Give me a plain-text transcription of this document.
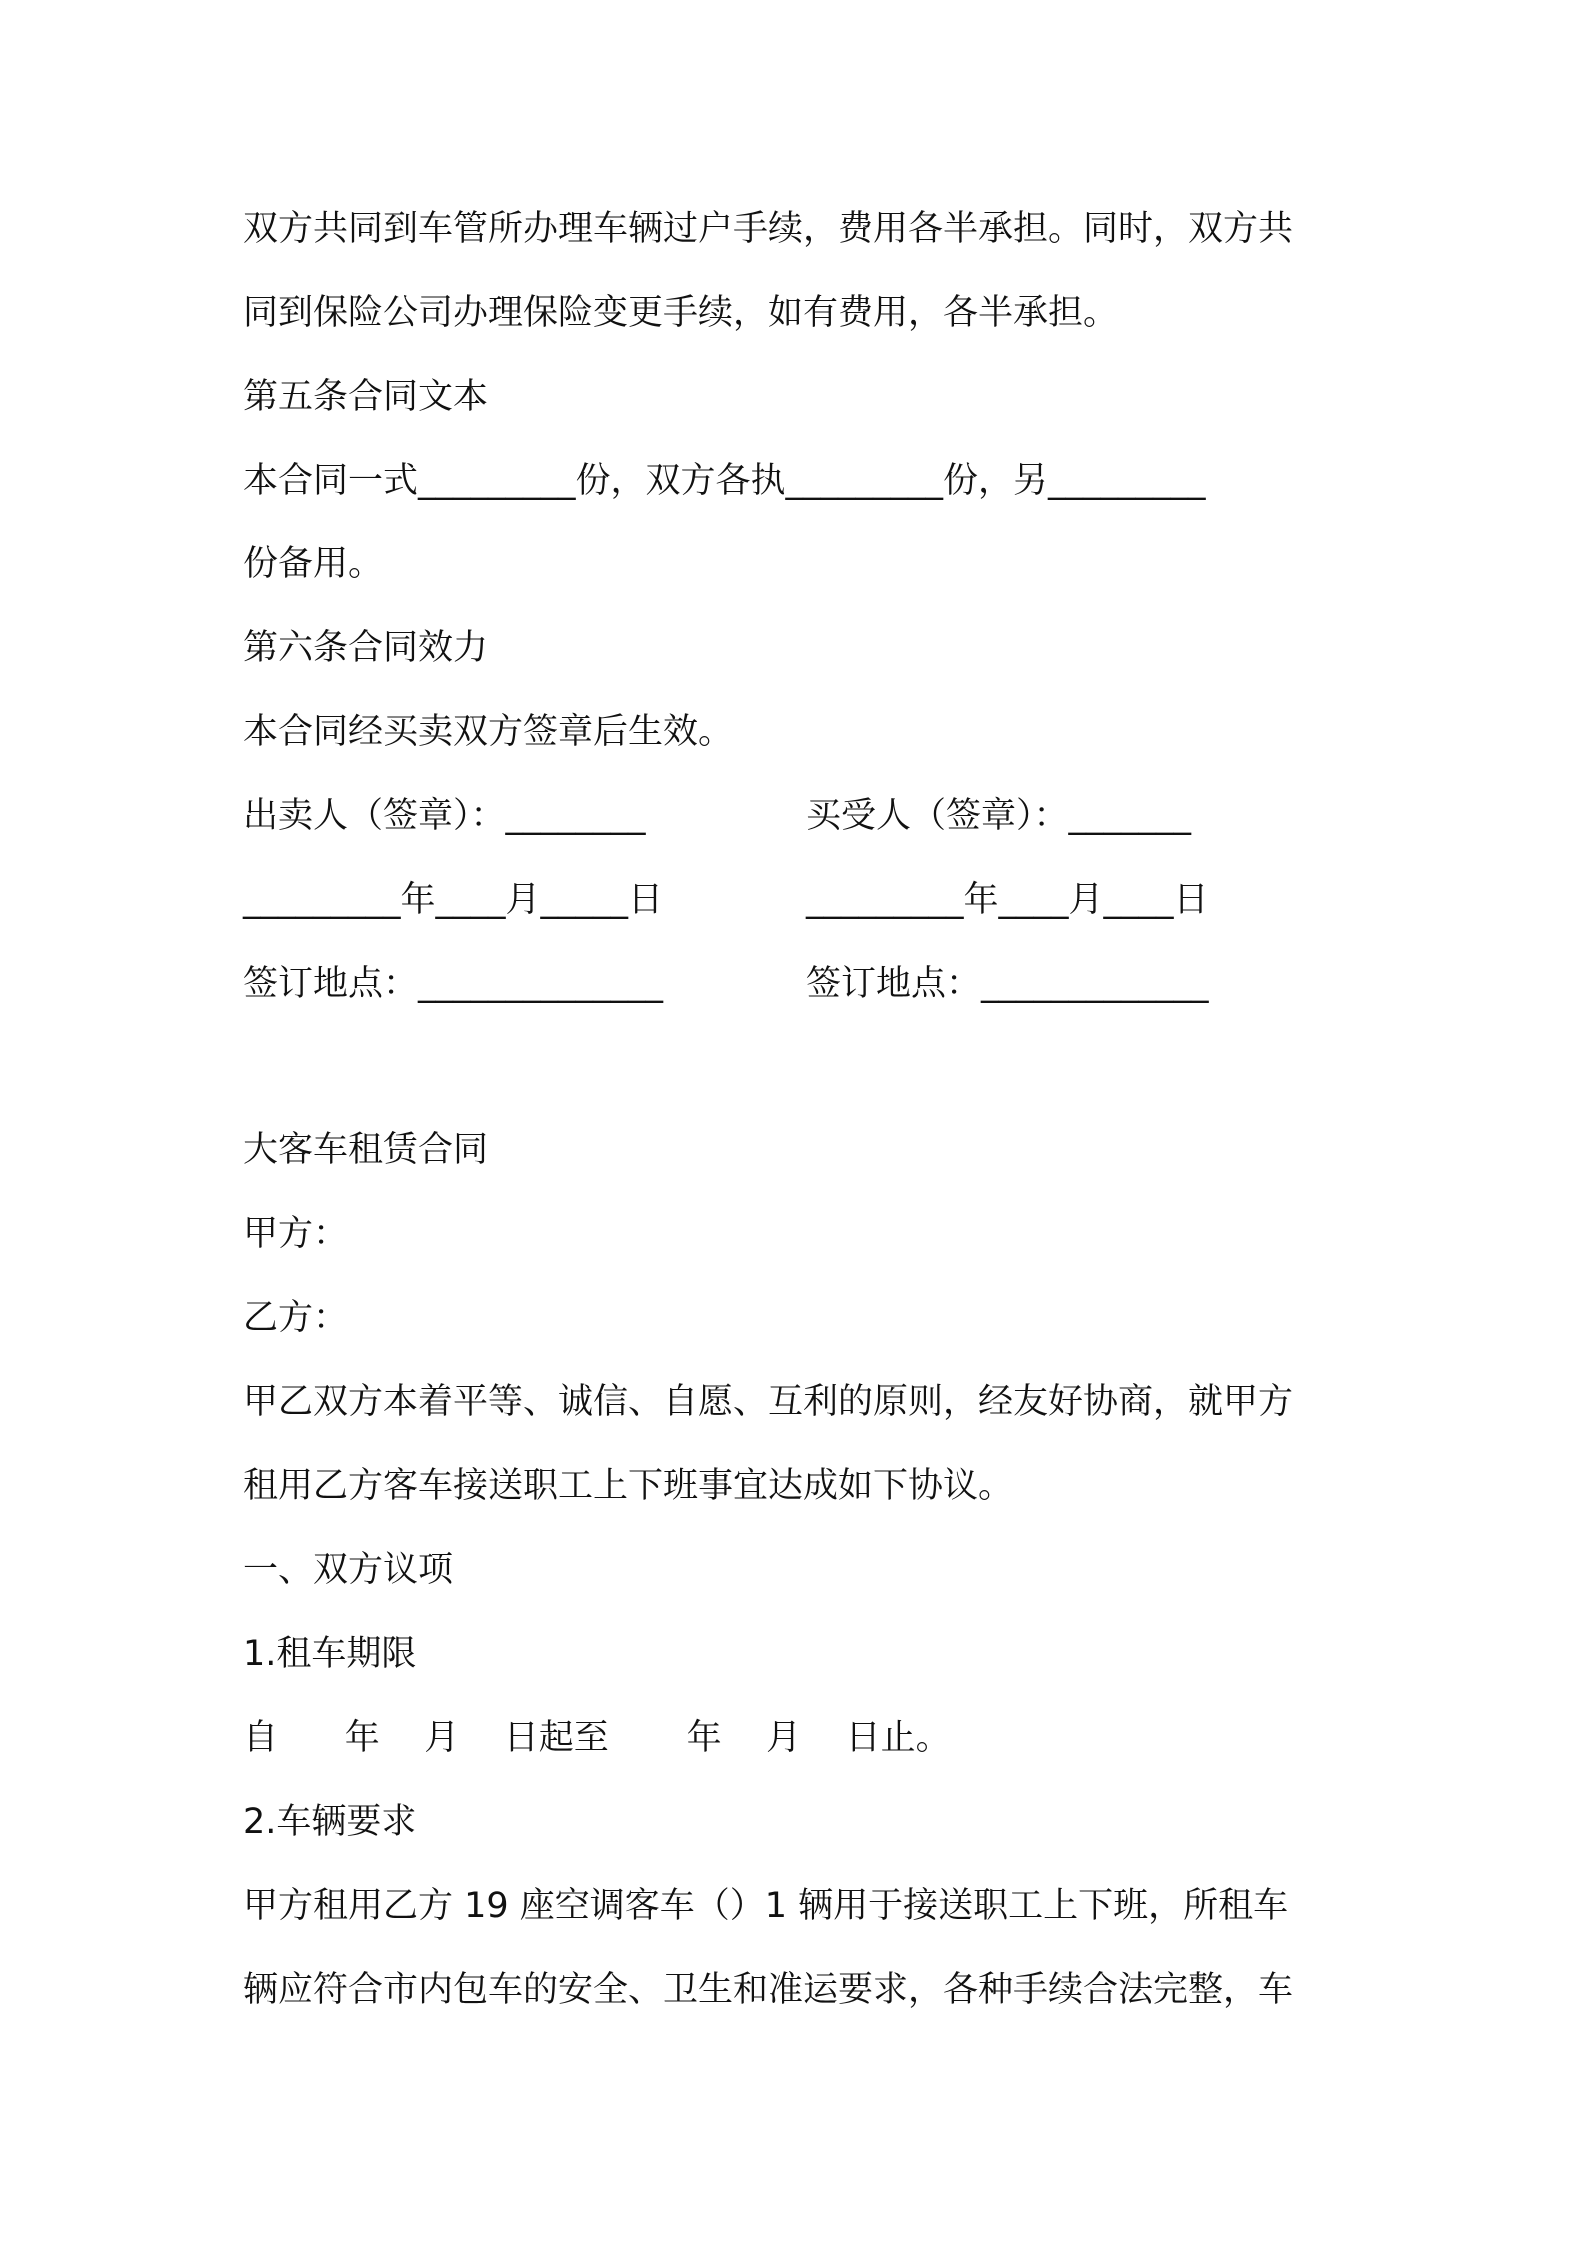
双方共同到车管所办理车辆过户手续，费用各半承担。同时，双方共

同到保险公司办理保险变更手续，如有费用，各半承担。

第五条合同文本

本合同一式_________份，双方各执_________份，另_________

份备用。

第六条合同效力

本合同经买卖双方签章后生效。

出卖人（签章）：________	买受人（签章）：_______

_________年____月_____日	_________年____月____日

签订地点：______________	签订地点：_____________

大客车租赁合同

甲方：

乙方：

甲乙双方本着平等、诚信、自愿、互利的原则，经友好协商，就甲方

租用乙方客车接送职工上下班事宜达成如下协议。

一、双方议项

1.租车期限

自      年    月    日起至       年    月    日止。

2.车辆要求

甲方租用乙方 19 座空调客车（）1 辆用于接送职工上下班，所租车

辆应符合市内包车的安全、卫生和准运要求，各种手续合法完整，车
